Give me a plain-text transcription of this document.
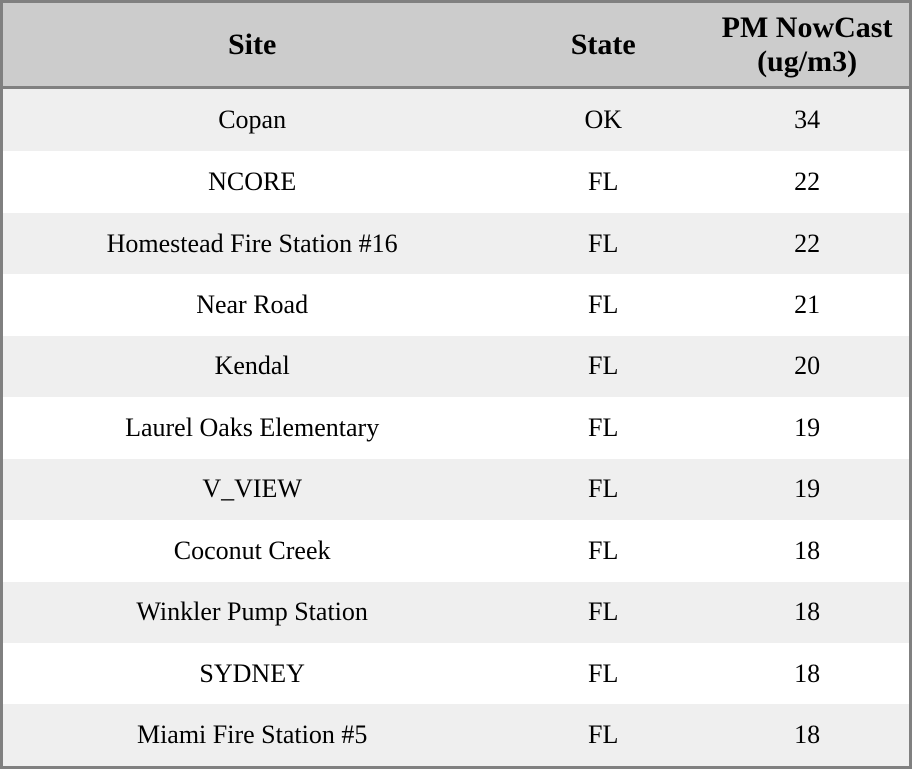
Site	State	PM NowCast (ug/m3)
Copan	OK	34
NCORE	FL	22
Homestead Fire Station #16	FL	22
Near Road	FL	21
Kendal	FL	20
Laurel Oaks Elementary	FL	19
V_VIEW	FL	19
Coconut Creek	FL	18
Winkler Pump Station	FL	18
SYDNEY	FL	18
Miami Fire Station #5	FL	18
